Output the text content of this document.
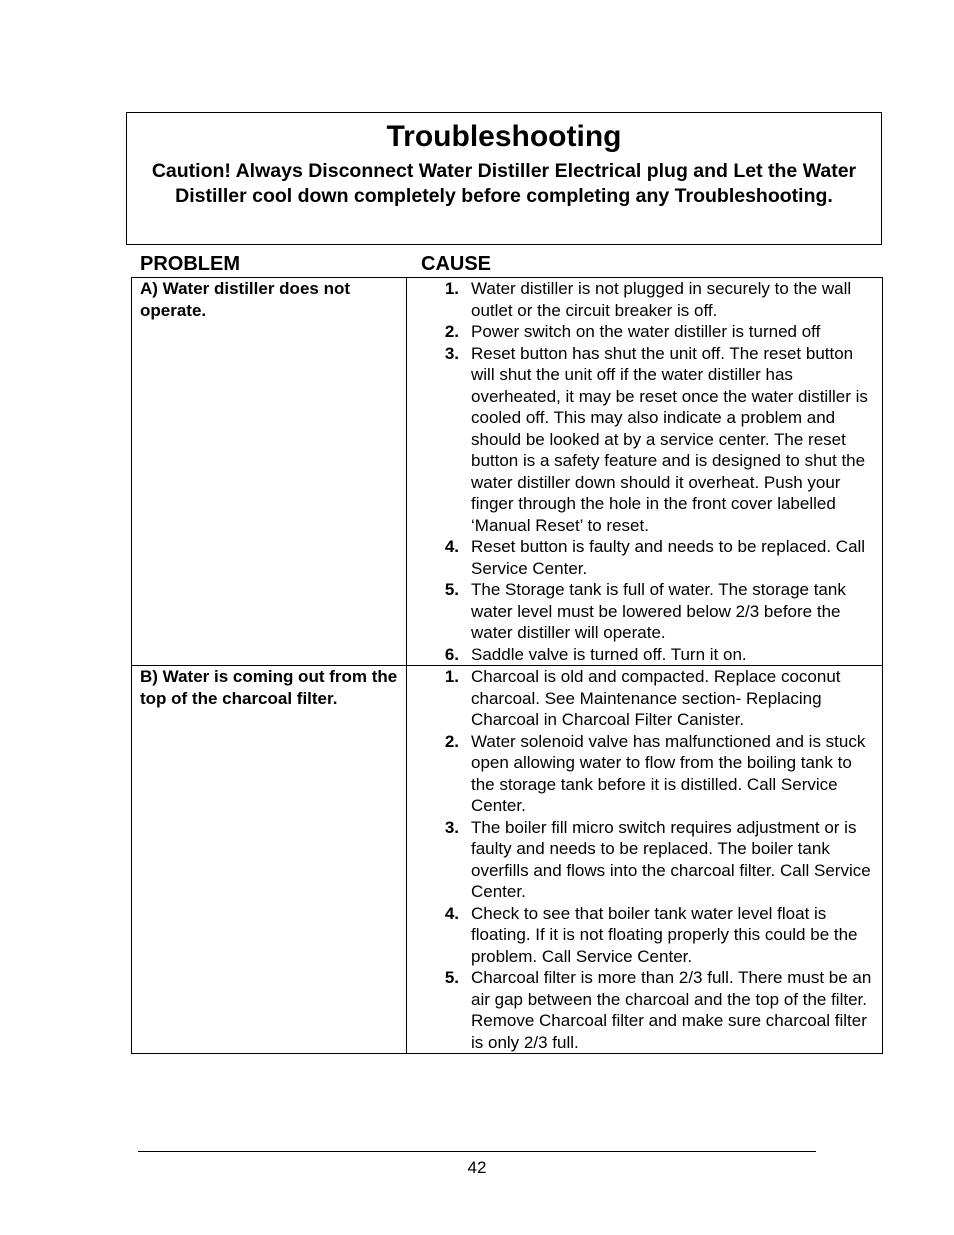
Troubleshooting
Caution! Always Disconnect Water Distiller Electrical plug and Let the Water Distiller cool down completely before completing any Troubleshooting.
PROBLEM	CAUSE
A) Water distiller does not operate.
1. Water distiller is not plugged in securely to the wall outlet or the circuit breaker is off.
2. Power switch on the water distiller is turned off
3. Reset button has shut the unit off. The reset button will shut the unit off if the water distiller has overheated, it may be reset once the water distiller is cooled off. This may also indicate a problem and should be looked at by a service center. The reset button is a safety feature and is designed to shut the water distiller down should it overheat. Push your finger through the hole in the front cover labelled ‘Manual Reset’ to reset.
4. Reset button is faulty and needs to be replaced. Call Service Center.
5. The Storage tank is full of water. The storage tank water level must be lowered below 2/3 before the water distiller will operate.
6. Saddle valve is turned off. Turn it on.
B) Water is coming out from the top of the charcoal filter.
1. Charcoal is old and compacted. Replace coconut charcoal. See Maintenance section- Replacing Charcoal in Charcoal Filter Canister.
2. Water solenoid valve has malfunctioned and is stuck open allowing water to flow from the boiling tank to the storage tank before it is distilled. Call Service Center.
3. The boiler fill micro switch requires adjustment or is faulty and needs to be replaced. The boiler tank overfills and flows into the charcoal filter. Call Service Center.
4. Check to see that boiler tank water level float is floating. If it is not floating properly this could be the problem. Call Service Center.
5. Charcoal filter is more than 2/3 full. There must be an air gap between the charcoal and the top of the filter. Remove Charcoal filter and make sure charcoal filter is only 2/3 full.
42
